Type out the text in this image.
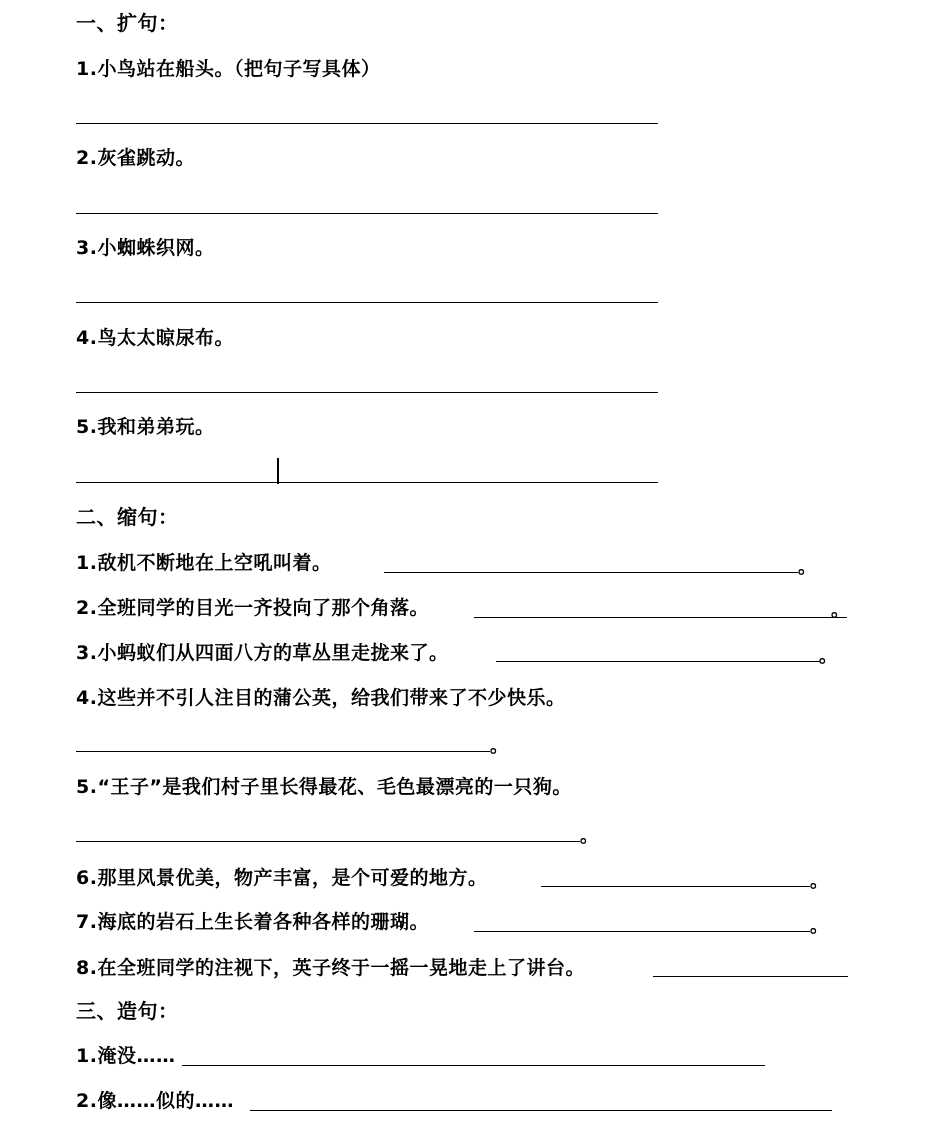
一、扩句：
1.小鸟站在船头。（把句子写具体）
2.灰雀跳动。
3.小蜘蛛织网。
4.鸟太太晾尿布。
5.我和弟弟玩。
二、缩句：
1.敌机不断地在上空吼叫着。	。
2.全班同学的目光一齐投向了那个角落。	。
3.小蚂蚁们从四面八方的草丛里走拢来了。	。
4.这些并不引人注目的蒲公英，给我们带来了不少快乐。
。
5.“王子”是我们村子里长得最花、毛色最漂亮的一只狗。
。
6.那里风景优美，物产丰富，是个可爱的地方。	。
7.海底的岩石上生长着各种各样的珊瑚。	。
8.在全班同学的注视下，英子终于一摇一晃地走上了讲台。
三、造句：
1.淹没……
2.像……似的……
